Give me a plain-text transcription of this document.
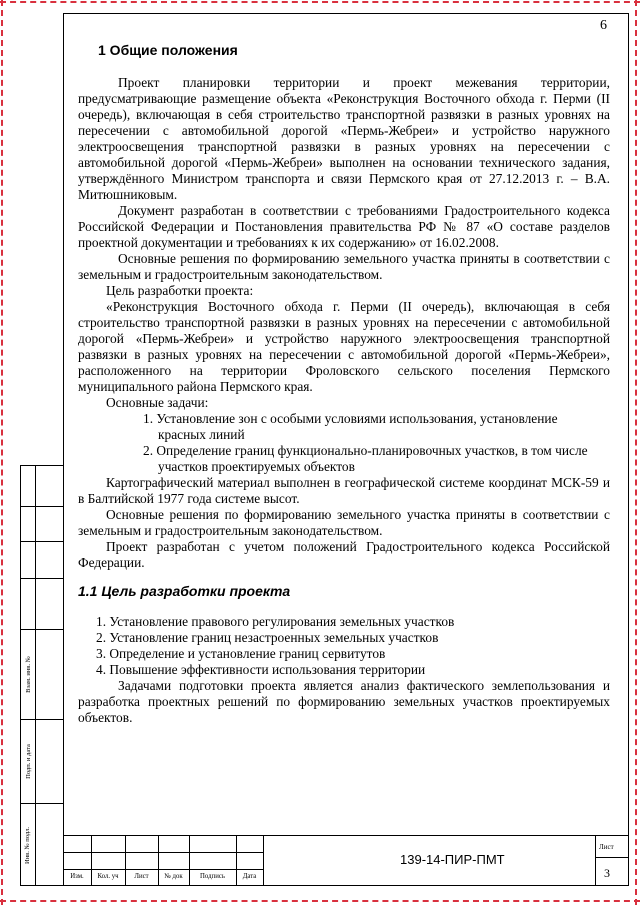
Взам. инв. №
Подп. и дата
Инв. № подл.
6
1 Общие положения

Проект планировки территории и проект межевания территории, предусматривающие размещение объекта «Реконструкция Восточного обхода г. Перми (II очередь), включающая в себя строительство транспортной развязки в разных уровнях на пересечении с автомобильной дорогой «Пермь-Жебреи» и устройство наружного электроосвещения транспортной развязки в разных уровнях на пересечении с автомобильной дорогой «Пермь-Жебреи» выполнен на основании технического задания, утверждённого Министром транспорта и связи Пермского края от 27.12.2013 г. – В.А. Митюшниковым.

Документ разработан в соответствии с требованиями Градостроительного кодекса Российской Федерации и Постановления правительства РФ № 87 «О составе разделов проектной документации и требованиях к их содержанию» от 16.02.2008.

Основные решения по формированию земельного участка приняты в соответствии с земельным и градостроительным законодательством.

Цель разработки проекта:

«Реконструкция Восточного обхода г. Перми (II очередь), включающая в себя строительство транспортной развязки в разных уровнях на пересечении с автомобильной дорогой «Пермь-Жебреи» и устройство наружного электроосвещения транспортной развязки в разных уровнях на пересечении с автомобильной дорогой «Пермь-Жебреи», расположенного на территории Фроловского сельского поселения Пермского муниципального района Пермского края.

Основные задачи:

1. Установление зон с особыми условиями использования, установление красных линий
2. Определение границ функционально-планировочных участков, в том числе участков проектируемых объектов

Картографический материал выполнен в географической системе координат МСК-59 и в Балтийской 1977 года системе высот.

Основные решения по формированию земельного участка приняты в соответствии с земельным и градостроительным законодательством.

Проект разработан с учетом положений Градостроительного кодекса Российской Федерации.

1.1 Цель разработки проекта
1. Установление правового регулирования земельных участков
2. Установление границ незастроенных земельных участков
3. Определение и установление границ сервитутов
4. Повышение эффективности использования территории

Задачами подготовки проекта является анализ фактического землепользования и разработка проектных решений по формированию земельных участков проектируемых объектов.

Изм.	Кол. уч	Лист	№ док	Подпись	Дата
139-14-ПИР-ПМТ
Лист
3
